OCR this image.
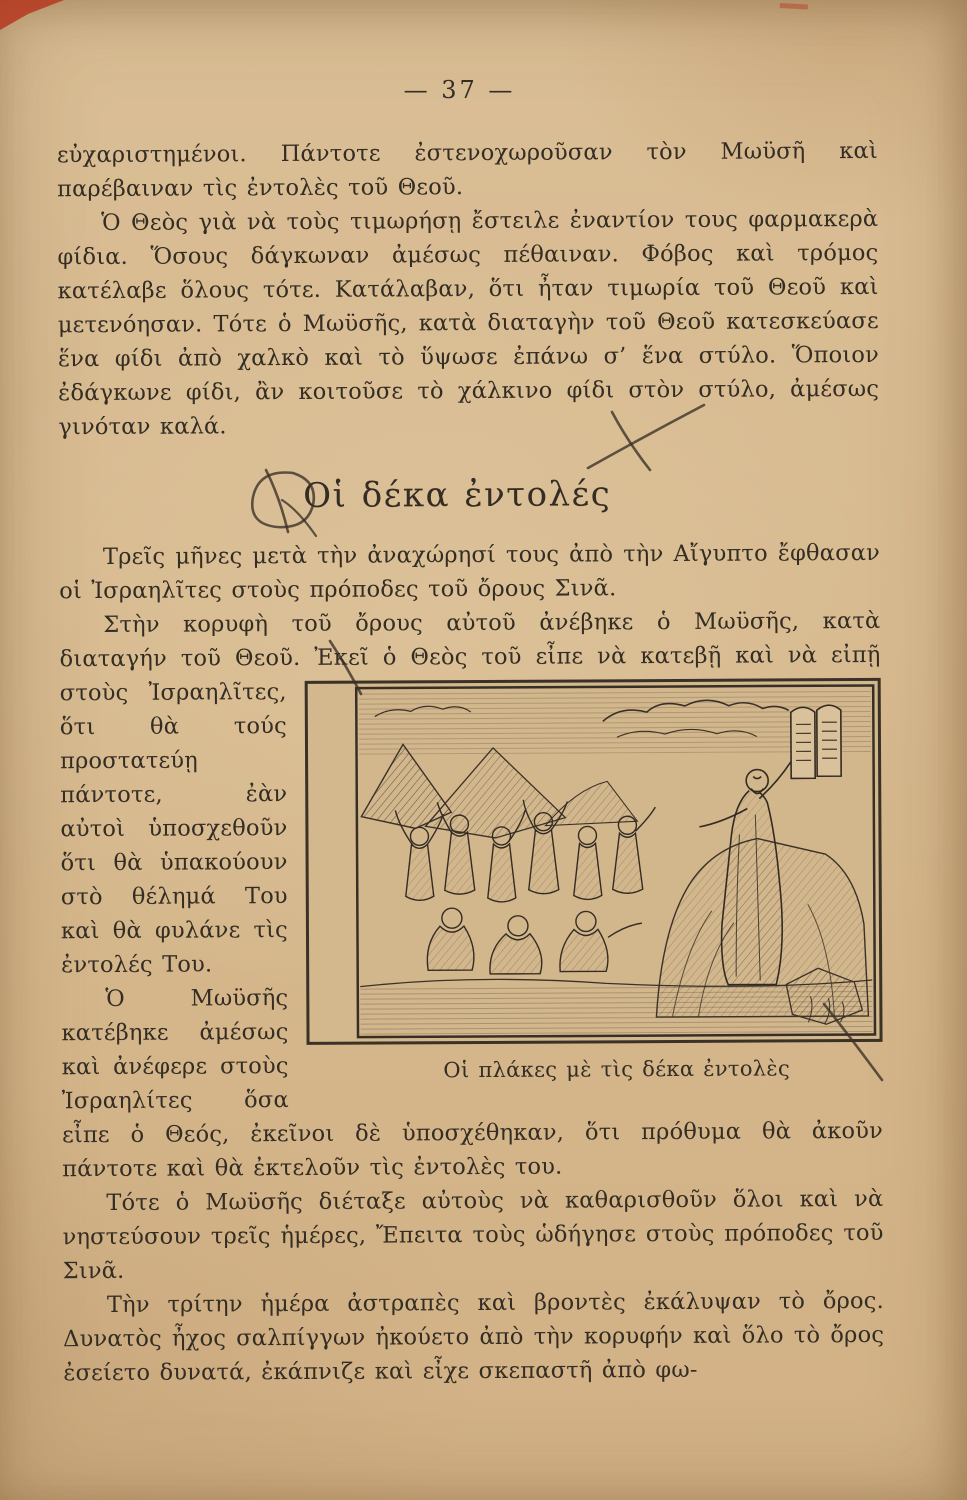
— 37 —

εὐχαριστημένοι. Πάντοτε ἐστενοχωροῦσαν τὸν Μωϋσῆ καὶ παρέβαιναν τὶς ἐντολὲς τοῦ Θεοῦ.

Ὁ Θεὸς γιὰ νὰ τοὺς τιμωρήσῃ ἔστειλε ἐναντίον τους φαρμακερὰ φίδια. Ὅσους δάγκωναν ἀμέσως πέθαιναν. Φόβος καὶ τρόμος κατέλαβε ὅλους τότε. Κατάλαβαν, ὅτι ἦταν τιμωρία τοῦ Θεοῦ καὶ μετενόησαν. Τότε ὁ Μωϋσῆς, κατὰ διαταγὴν τοῦ Θεοῦ κατεσκεύασε ἕνα φίδι ἀπὸ χαλκὸ καὶ τὸ ὕψωσε ἐπάνω σ’ ἕνα στύλο. Ὅποιον ἐδάγκωνε φίδι, ἂν κοιτοῦσε τὸ χάλκινο φίδι στὸν στύλο, ἀμέσως γινόταν καλά.

Οἱ δέκα ἐντολές

Τρεῖς μῆνες μετὰ τὴν ἀναχώρησί τους ἀπὸ τὴν Αἴγυπτο ἔφθασαν οἱ Ἰσραηλῖτες στοὺς πρόποδες τοῦ ὄρους Σινᾶ.

Στὴν κορυφὴ τοῦ ὄρους αὐτοῦ ἀνέβηκε ὁ Μωϋσῆς, κατὰ διαταγήν τοῦ Θεοῦ.
Οἱ πλάκες μὲ τὶς δέκα ἐντολὲς
Ἐκεῖ ὁ Θεὸς τοῦ εἶπε νὰ κατεβῇ καὶ νὰ εἰπῇ στοὺς Ἰσραηλῖτες, ὅτι θὰ τούς προστατεύῃ πάντοτε, ἐὰν αὐτοὶ ὑποσχεθοῦν ὅτι θὰ ὑπακούουν στὸ θέλημά Του καὶ θὰ φυλάνε τὶς ἐντολές Του.

Ὁ Μωϋσῆς κατέβηκε ἀμέσως καὶ ἀνέφερε στοὺς Ἰσραηλίτες ὅσα εἶπε ὁ Θεός, ἐκεῖνοι δὲ ὑποσχέθηκαν, ὅτι πρόθυμα θὰ ἀκοῦν πάντοτε καὶ θὰ ἐκτελοῦν τὶς ἐντολὲς του.

Τότε ὁ Μωϋσῆς διέταξε αὐτοὺς νὰ καθαρισθοῦν ὅλοι καὶ νὰ νηστεύσουν τρεῖς ἡμέρες, Ἔπειτα τοὺς ὡδήγησε στοὺς πρόποδες τοῦ Σινᾶ.

Τὴν τρίτην ἡμέρα ἀστραπὲς καὶ βροντὲς ἐκάλυψαν τὸ ὄρος. Δυνατὸς ἦχος σαλπίγγων ἠκούετο ἀπὸ τὴν κορυφήν καὶ ὅλο τὸ ὄρος ἐσείετο δυνατά, ἐκάπνιζε καὶ εἶχε σκεπαστῆ ἀπὸ φω-
